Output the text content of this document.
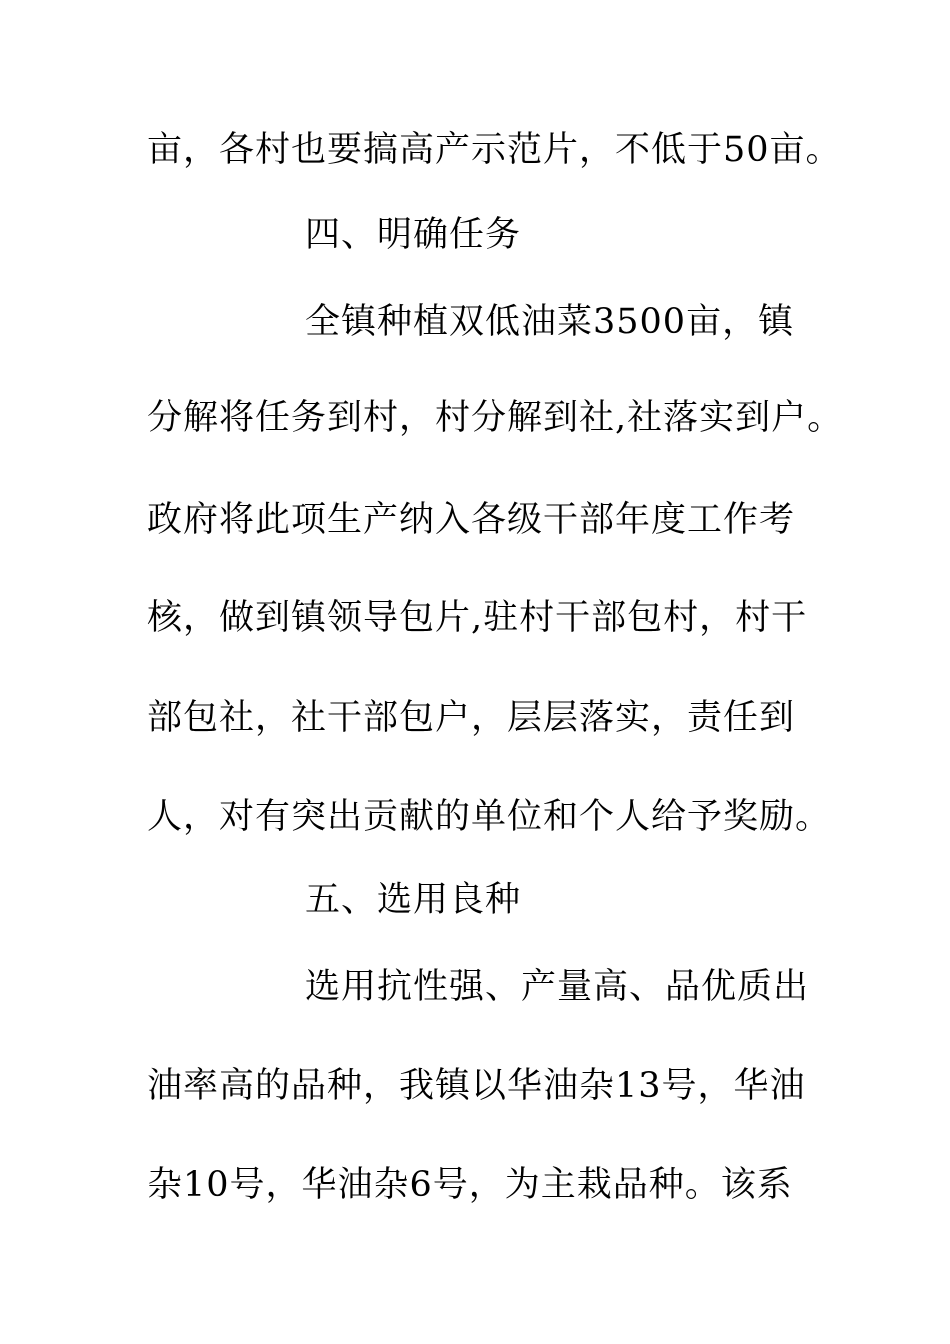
亩，各村也要搞高产示范片，不低于50亩。
四、明确任务
全镇种植双低油菜3500亩，镇
分解将任务到村，村分解到社,社落实到户。
政府将此项生产纳入各级干部年度工作考
核，做到镇领导包片,驻村干部包村，村干
部包社，社干部包户，层层落实，责任到
人，对有突出贡献的单位和个人给予奖励。
五、选用良种
选用抗性强、产量高、品优质出
油率高的品种，我镇以华油杂13号，华油
杂10号，华油杂6号，为主栽品种。该系
